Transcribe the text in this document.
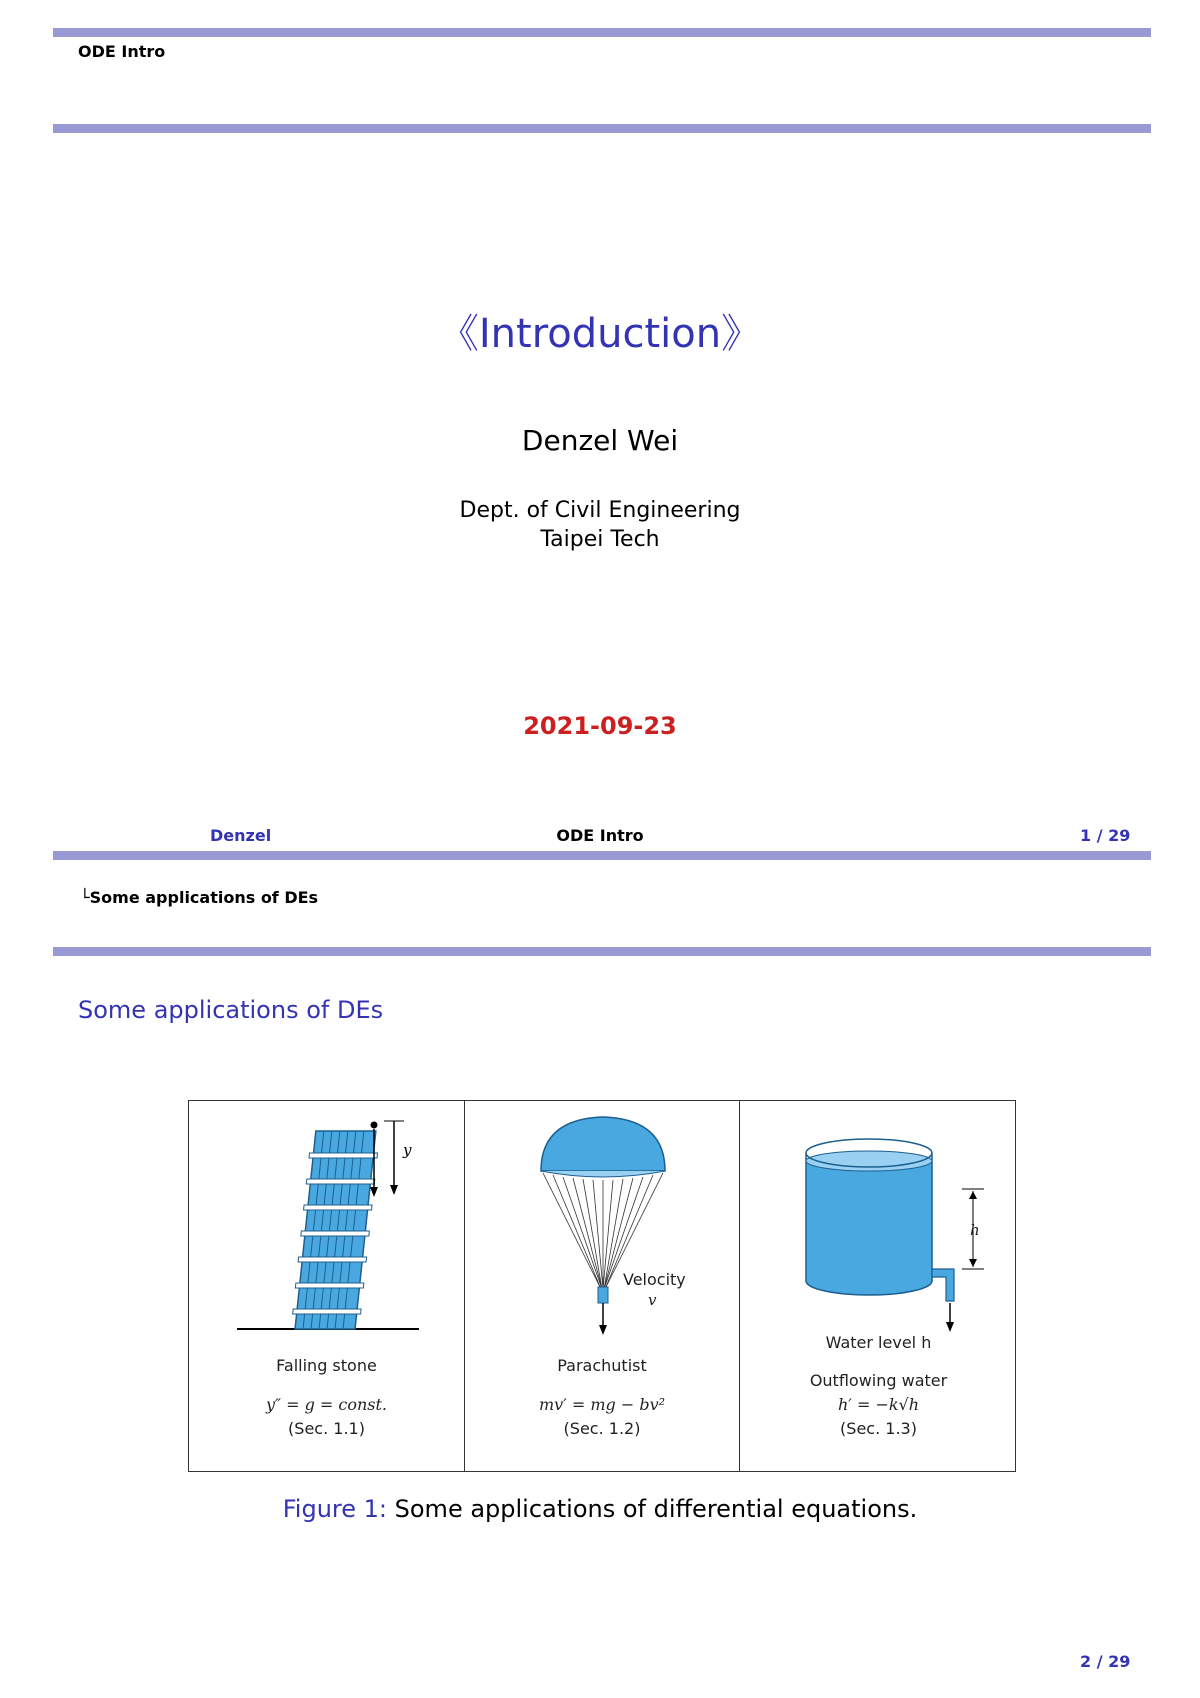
ODE Intro
《Introduction》
Denzel Wei
Dept. of Civil Engineering
Taipei Tech
2021-09-23
Denzel	ODE Intro	1 / 29
└Some applications of DEs
Some applications of DEs
y
Falling stone
y″ = g = const.
(Sec. 1.1)
Velocity
v
Parachutist
mv′ = mg − bv²
(Sec. 1.2)
h
Water level h
Outflowing water
h′ = −k√h
(Sec. 1.3)
Figure 1: Some applications of differential equations.
2 / 29
